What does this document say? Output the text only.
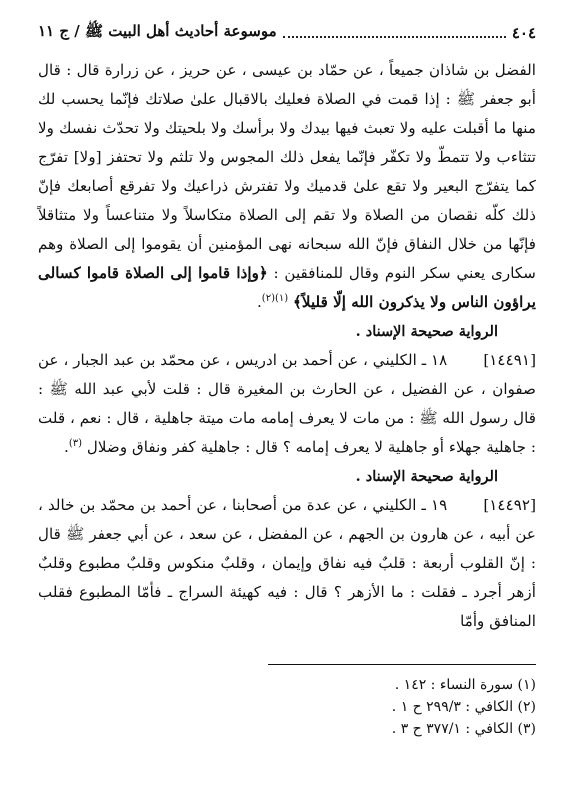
٤٠٤
موسوعة أحاديث أهل البيت ﷺ / ج ١١

الفضل بن شاذان جميعاً ، عن حمّاد بن عيسى ، عن حريز ، عن زرارة قال : قال أبو جعفر ﷺ : إذا قمت في الصلاة فعليك بالاقبال علىٰ صلاتك فإنّما يحسب لك منها ما أقبلت عليه ولا تعبث فيها بيدك ولا برأسك ولا بلحيتك ولا تحدّث نفسك ولا تتثاءب ولا تتمطّ ولا تكفّر فإنّما يفعل ذلك المجوس ولا تلثم ولا تحتفز [ولا] تفرّج كما يتفرّج البعير ولا تقع علىٰ قدميك ولا تفترش ذراعيك ولا تفرقع أصابعك فإنّ ذلك كلّه نقصان من الصلاة ولا تقم إلى الصلاة متكاسلاً ولا متناعساً ولا متثاقلاً فإنّها من خلال النفاق فإنّ الله سبحانه نهى المؤمنين أن يقوموا إلى الصلاة وهم سكارى يعني سكر النوم وقال للمنافقين : ﴿وإذا قاموا إلى الصلاة قاموا كسالى يراؤون الناس ولا يذكرون الله إلّا قليلاً﴾ $^{(١)(٢)}$.

الرواية صحيحة الإسناد .

[١٤٤٩١]١٨ ـ الكليني ، عن أحمد بن ادريس ، عن محمّد بن عبد الجبار ، عن صفوان ، عن الفضيل ، عن الحارث بن المغيرة قال : قلت لأبي عبد الله ﷺ : قال رسول الله ﷺ : من مات لا يعرف إمامه مات ميتة جاهلية ، قال : نعم ، قلت : جاهلية جهلاء أو جاهلية لا يعرف إمامه ؟ قال : جاهلية كفر ونفاق وضلال $^{(٣)}$.

الرواية صحيحة الإسناد .

[١٤٤٩٢]١٩ ـ الكليني ، عن عدة من أصحابنا ، عن أحمد بن محمّد بن خالد ، عن أبيه ، عن هارون بن الجهم ، عن المفضل ، عن سعد ، عن أبي جعفر ﷺ قال : إنّ القلوب أربعة : قلبٌ فيه نفاق وإيمان ، وقلبٌ منكوس وقلبٌ مطبوع وقلبٌ أزهر أجرد ـ فقلت : ما الأزهر ؟ قال : فيه كهيئة السراج ـ فأمّا المطبوع فقلب المنافق وأمّا

(١) سورة النساء : ١٤٢ .
(٢) الكافي : ٢٩٩/٣ ح ١ .
(٣) الكافي : ٣٧٧/١ ح ٣ .
